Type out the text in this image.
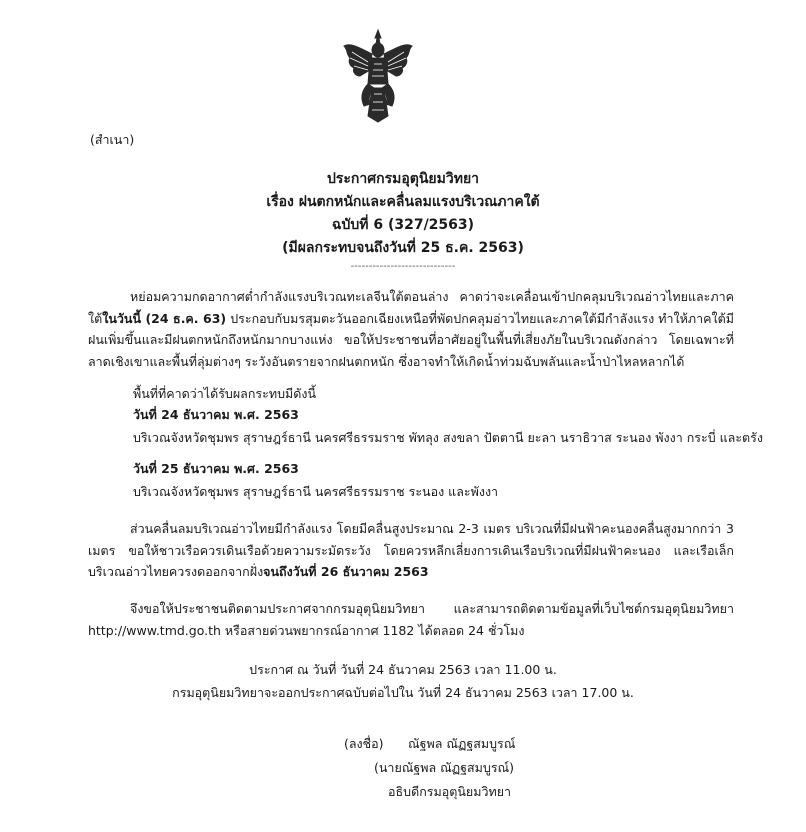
(สำเนา)
ประกาศกรมอุตุนิยมวิทยา
เรื่อง ฝนตกหนักและคลื่นลมแรงบริเวณภาคใต้
ฉบับที่ 6 (327/2563)
(มีผลกระทบจนถึงวันที่ 25 ธ.ค. 2563)
-----------------------------
หย่อมความกดอากาศต่ำกำลังแรงบริเวณทะเลจีนใต้ตอนล่าง คาดว่าจะเคลื่อนเข้าปกคลุมบริเวณอ่าวไทยและภาคใต้ในวันนี้ (24 ธ.ค. 63) ประกอบกับมรสุมตะวันออกเฉียงเหนือที่พัดปกคลุมอ่าวไทยและภาคใต้มีกำลังแรง ทำให้ภาคใต้มีฝนเพิ่มขึ้นและมีฝนตกหนักถึงหนักมากบางแห่ง ขอให้ประชาชนที่อาศัยอยู่ในพื้นที่เสี่ยงภัยในบริเวณดังกล่าว โดยเฉพาะที่ลาดเชิงเขาและพื้นที่ลุ่มต่างๆ ระวังอันตรายจากฝนตกหนัก ซึ่งอาจทำให้เกิดน้ำท่วมฉับพลันและน้ำป่าไหลหลากได้
พื้นที่ที่คาดว่าได้รับผลกระทบมีดังนี้
วันที่ 24 ธันวาคม พ.ศ. 2563
บริเวณจังหวัดชุมพร สุราษฎร์ธานี นครศรีธรรมราช พัทลุง สงขลา ปัตตานี ยะลา นราธิวาส ระนอง พังงา กระบี่ และตรัง
วันที่ 25 ธันวาคม พ.ศ. 2563
บริเวณจังหวัดชุมพร สุราษฎร์ธานี นครศรีธรรมราช ระนอง และพังงา
ส่วนคลื่นลมบริเวณอ่าวไทยมีกำลังแรง โดยมีคลื่นสูงประมาณ 2-3 เมตร บริเวณที่มีฝนฟ้าคะนองคลื่นสูงมากกว่า 3 เมตร ขอให้ชาวเรือควรเดินเรือด้วยความระมัดระวัง โดยควรหลีกเลี่ยงการเดินเรือบริเวณที่มีฝนฟ้าคะนอง และเรือเล็กบริเวณอ่าวไทยควรงดออกจากฝั่งจนถึงวันที่ 26 ธันวาคม 2563
จึงขอให้ประชาชนติดตามประกาศจากกรมอุตุนิยมวิทยา และสามารถติดตามข้อมูลที่เว็บไซต์กรมอุตุนิยมวิทยา http://www.tmd.go.th หรือสายด่วนพยากรณ์อากาศ 1182 ได้ตลอด 24 ชั่วโมง
ประกาศ ณ วันที่ วันที่ 24 ธันวาคม 2563 เวลา 11.00 น.
กรมอุตุนิยมวิทยาจะออกประกาศฉบับต่อไปใน วันที่ 24 ธันวาคม 2563 เวลา 17.00 น.
(ลงชื่อ) ณัฐพล ณัฏฐสมบูรณ์
(นายณัฐพล ณัฏฐสมบูรณ์)
อธิบดีกรมอุตุนิยมวิทยา
